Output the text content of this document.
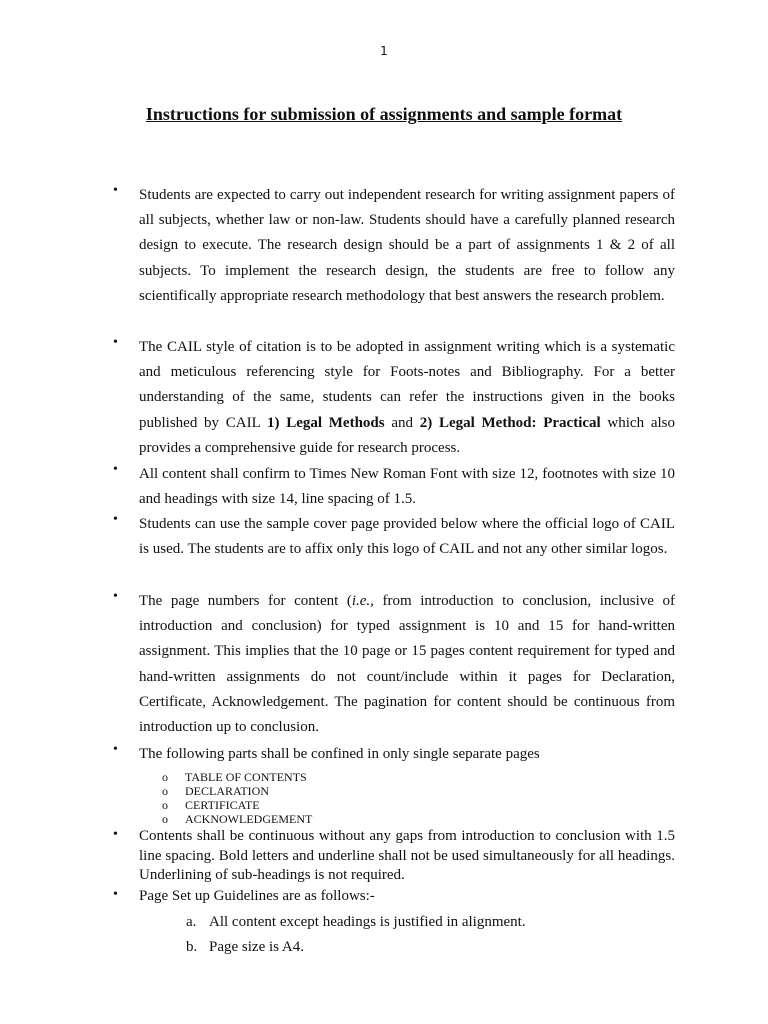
1
Instructions for submission of assignments and sample format
•	Students are expected to carry out independent research for writing assignment papers of all subjects, whether law or non-law. Students should have a carefully planned research design to execute. The research design should be a part of assignments 1 & 2 of all subjects. To implement the research design, the students are free to follow any scientifically appropriate research methodology that best answers the research problem.

•	The CAIL style of citation is to be adopted in assignment writing which is a systematic and meticulous referencing style for Foots-notes and Bibliography. For a better understanding of the same, students can refer the instructions given in the books published by CAIL 1) Legal Methods and 2) Legal Method: Practical which also provides a comprehensive guide for research process.

•	All content shall confirm to Times New Roman Font with size 12, footnotes with size 10 and headings with size 14, line spacing of 1.5.

•	Students can use the sample cover page provided below where the official logo of CAIL is used. The students are to affix only this logo of CAIL and not any other similar logos.

•	The page numbers for content (i.e., from introduction to conclusion, inclusive of introduction and conclusion) for typed assignment is 10 and 15 for hand-written assignment. This implies that the 10 page or 15 pages content requirement for typed and hand-written assignments do not count/include within it pages for Declaration, Certificate, Acknowledgement. The pagination for content should be continuous from introduction up to conclusion.

•	The following parts shall be confined in only single separate pages

o TABLE OF CONTENTS
o DECLARATION
o CERTIFICATE
o ACKNOWLEDGEMENT
•	Contents shall be continuous without any gaps from introduction to conclusion with 1.5 line spacing. Bold letters and underline shall not be used simultaneously for all headings. Underlining of sub-headings is not required.

•	Page Set up Guidelines are as follows:-

a. All content except headings is justified in alignment.
b. Page size is A4.
